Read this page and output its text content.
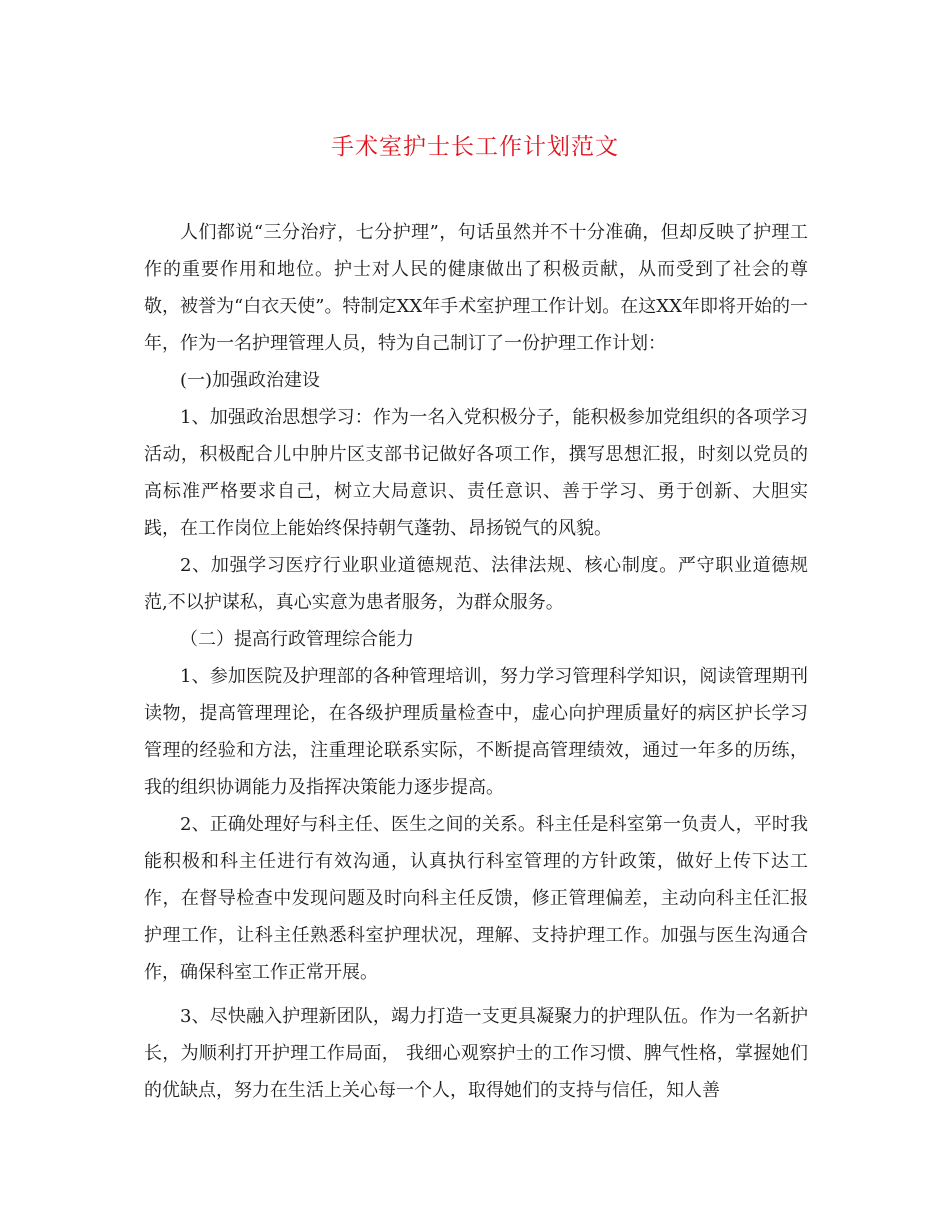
手术室护士长工作计划范文

人们都说“三分治疗，七分护理”，句话虽然并不十分准确，但却反映了护理工作的重要作用和地位。护士对人民的健康做出了积极贡献，从而受到了社会的尊敬，被誉为“白衣天使”。特制定XX年手术室护理工作计划。在这XX年即将开始的一年，作为一名护理管理人员，特为自己制订了一份护理工作计划：

(一)加强政治建设

1、加强政治思想学习：作为一名入党积极分子，能积极参加党组织的各项学习活动，积极配合儿中肿片区支部书记做好各项工作，撰写思想汇报，时刻以党员的高标准严格要求自己，树立大局意识、责任意识、善于学习、勇于创新、大胆实践，在工作岗位上能始终保持朝气蓬勃、昂扬锐气的风貌。

2、加强学习医疗行业职业道德规范、法律法规、核心制度。严守职业道德规范,不以护谋私，真心实意为患者服务，为群众服务。

（二）提高行政管理综合能力

1、参加医院及护理部的各种管理培训，努力学习管理科学知识，阅读管理期刊读物，提高管理理论，在各级护理质量检查中，虚心向护理质量好的病区护长学习管理的经验和方法，注重理论联系实际，不断提高管理绩效，通过一年多的历练，我的组织协调能力及指挥决策能力逐步提高。

2、正确处理好与科主任、医生之间的关系。科主任是科室第一负责人，平时我能积极和科主任进行有效沟通，认真执行科室管理的方针政策，做好上传下达工作，在督导检查中发现问题及时向科主任反馈，修正管理偏差，主动向科主任汇报护理工作，让科主任熟悉科室护理状况，理解、支持护理工作。加强与医生沟通合作，确保科室工作正常开展。

3、尽快融入护理新团队，竭力打造一支更具凝聚力的护理队伍。作为一名新护长，为顺利打开护理工作局面， 我细心观察护士的工作习惯、脾气性格，掌握她们的优缺点，努力在生活上关心每一个人，取得她们的支持与信任，知人善
